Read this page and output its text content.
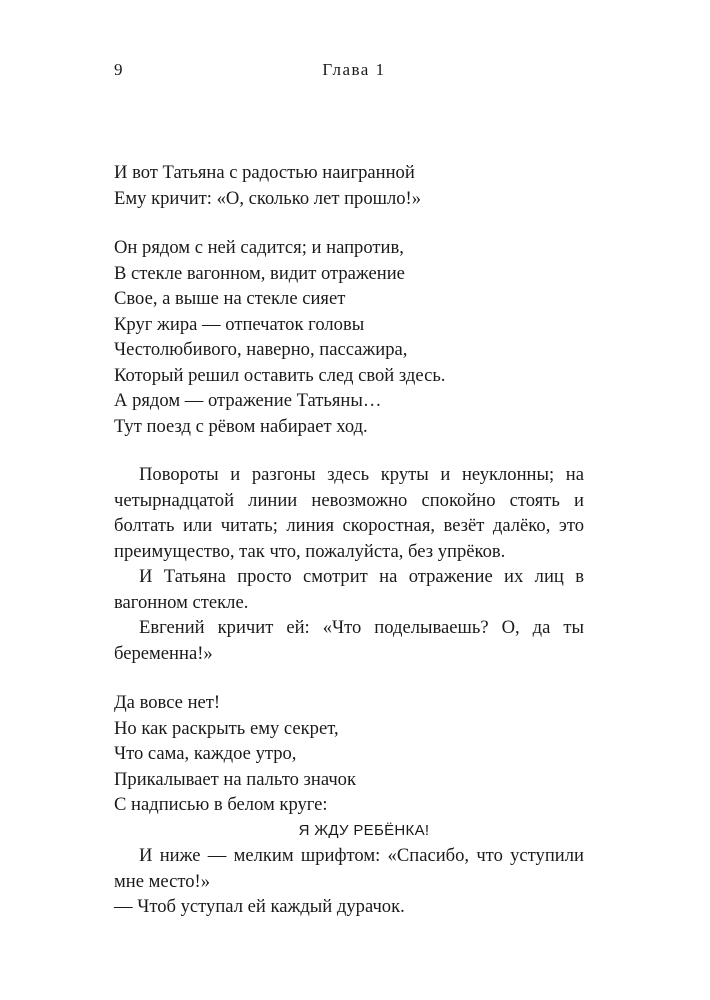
9	Глава 1
И вот Татьяна с радостью наигранной
Ему кричит: «О, сколько лет прошло!»
Он рядом с ней садится; и напротив,
В стекле вагонном, видит отражение
Свое, а выше на стекле сияет
Круг жира — отпечаток головы
Честолюбивого, наверно, пассажира,
Который решил оставить след свой здесь.
А рядом — отражение Татьяны…
Тут поезд с рёвом набирает ход.

Повороты и разгоны здесь круты и неуклонны; на четырнадцатой линии невозможно спокойно стоять и болтать или читать; линия скоростная, везёт далёко, это преимущество, так что, пожалуйста, без упрёков.

И Татьяна просто смотрит на отражение их лиц в вагонном стекле.

Евгений кричит ей: «Что поделываешь? О, да ты беременна!»

Да вовсе нет!
Но как раскрыть ему секрет,
Что сама, каждое утро,
Прикалывает на пальто значок
С надписью в белом круге:
Я ЖДУ РЕБЁНКА!

И ниже — мелким шрифтом: «Спасибо, что уступили мне место!»

— Чтоб уступал ей каждый дурачок.
